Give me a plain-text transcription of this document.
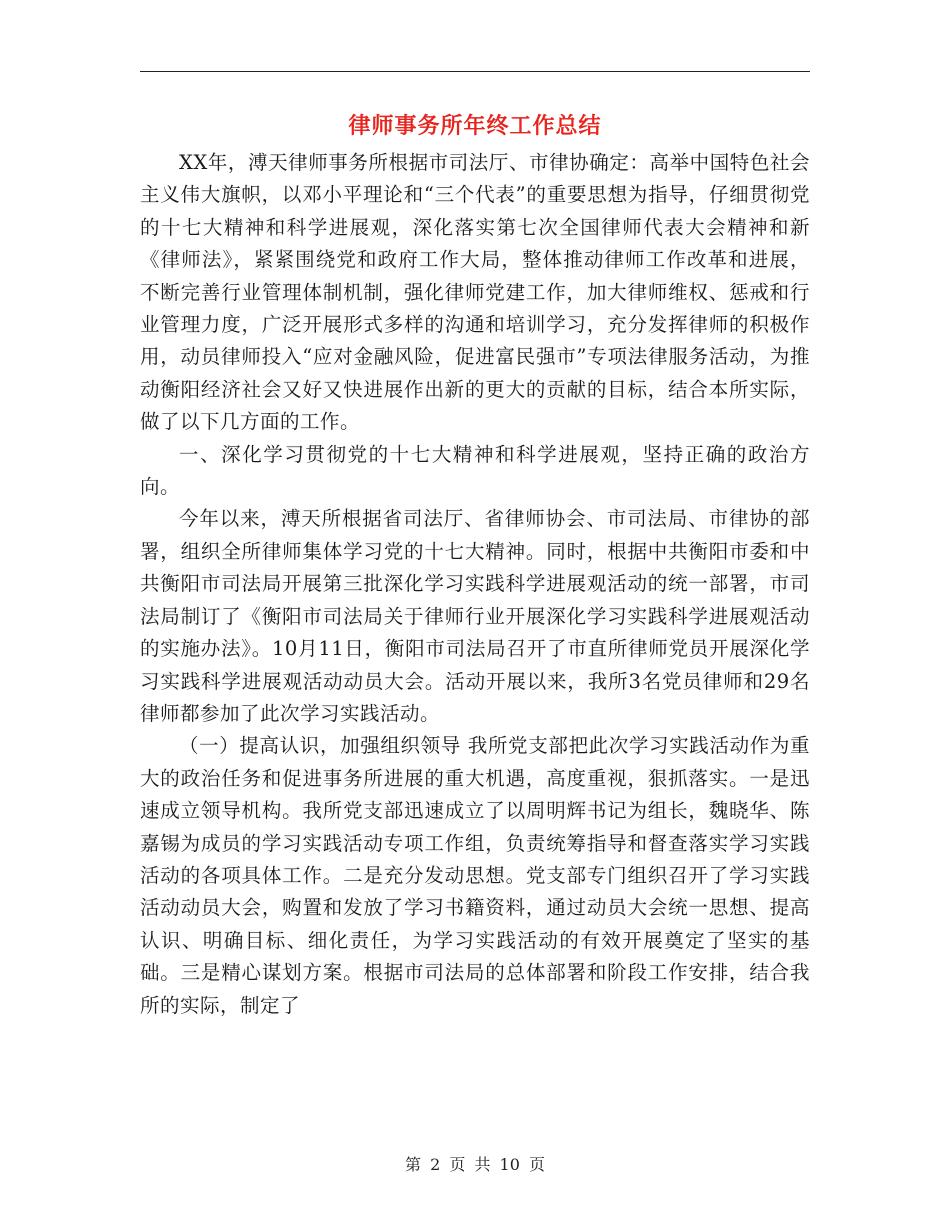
律师事务所年终工作总结

XX年，溥天律师事务所根据市司法厅、市律协确定：高举中国特色社会主义伟大旗帜，以邓小平理论和“三个代表”的重要思想为指导，仔细贯彻党的十七大精神和科学进展观，深化落实第七次全国律师代表大会精神和新《律师法》，紧紧围绕党和政府工作大局，整体推动律师工作改革和进展，不断完善行业管理体制机制，强化律师党建工作，加大律师维权、惩戒和行业管理力度，广泛开展形式多样的沟通和培训学习，充分发挥律师的积极作用，动员律师投入“应对金融风险，促进富民强市”专项法律服务活动，为推动衡阳经济社会又好又快进展作出新的更大的贡献的目标，结合本所实际，做了以下几方面的工作。

一、深化学习贯彻党的十七大精神和科学进展观，坚持正确的政治方向。

今年以来，溥天所根据省司法厅、省律师协会、市司法局、市律协的部署，组织全所律师集体学习党的十七大精神。同时，根据中共衡阳市委和中共衡阳市司法局开展第三批深化学习实践科学进展观活动的统一部署，市司法局制订了《衡阳市司法局关于律师行业开展深化学习实践科学进展观活动的实施办法》。10月11日，衡阳市司法局召开了市直所律师党员开展深化学习实践科学进展观活动动员大会。活动开展以来，我所3名党员律师和29名律师都参加了此次学习实践活动。

（一）提高认识，加强组织领导 我所党支部把此次学习实践活动作为重大的政治任务和促进事务所进展的重大机遇，高度重视，狠抓落实。一是迅速成立领导机构。我所党支部迅速成立了以周明辉书记为组长，魏晓华、陈嘉锡为成员的学习实践活动专项工作组，负责统筹指导和督查落实学习实践活动的各项具体工作。二是充分发动思想。党支部专门组织召开了学习实践活动动员大会，购置和发放了学习书籍资料，通过动员大会统一思想、提高认识、明确目标、细化责任，为学习实践活动的有效开展奠定了坚实的基础。三是精心谋划方案。根据市司法局的总体部署和阶段工作安排，结合我所的实际，制定了

第 2 页 共 10 页
